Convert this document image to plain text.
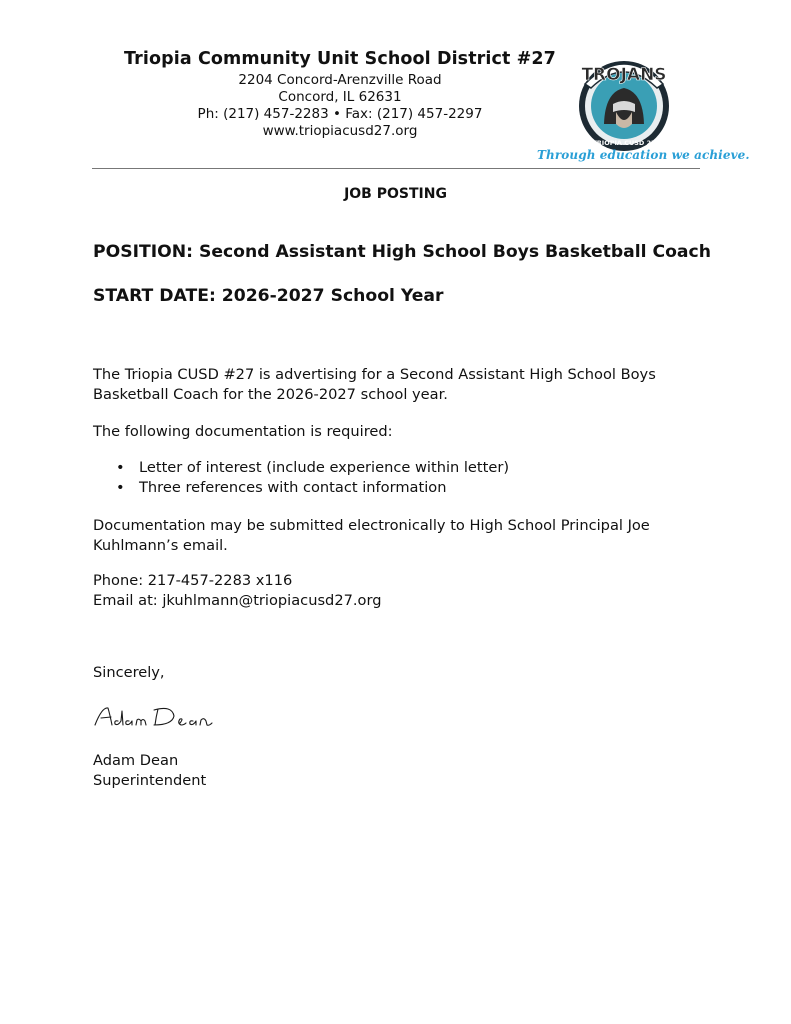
Triopia Community Unit School District #27
2204 Concord-Arenzville Road
Concord, IL 62631
Ph: (217) 457-2283 • Fax: (217) 457-2297
www.triopiacusd27.org
TROJANS
TRIOPIA CUSD 27
Through education we achieve.
JOB POSTING
POSITION: Second Assistant High School Boys Basketball Coach
START DATE: 2026-2027 School Year
The Triopia CUSD #27 is advertising for a Second Assistant High School Boys Basketball Coach for the 2026-2027 school year.
The following documentation is required:
• Letter of interest (include experience within letter)
• Three references with contact information
Documentation may be submitted electronically to High School Principal Joe Kuhlmann’s email.
Phone: 217-457-2283 x116
Email at: jkuhlmann@triopiacusd27.org
Sincerely,
Adam Dean
Superintendent
